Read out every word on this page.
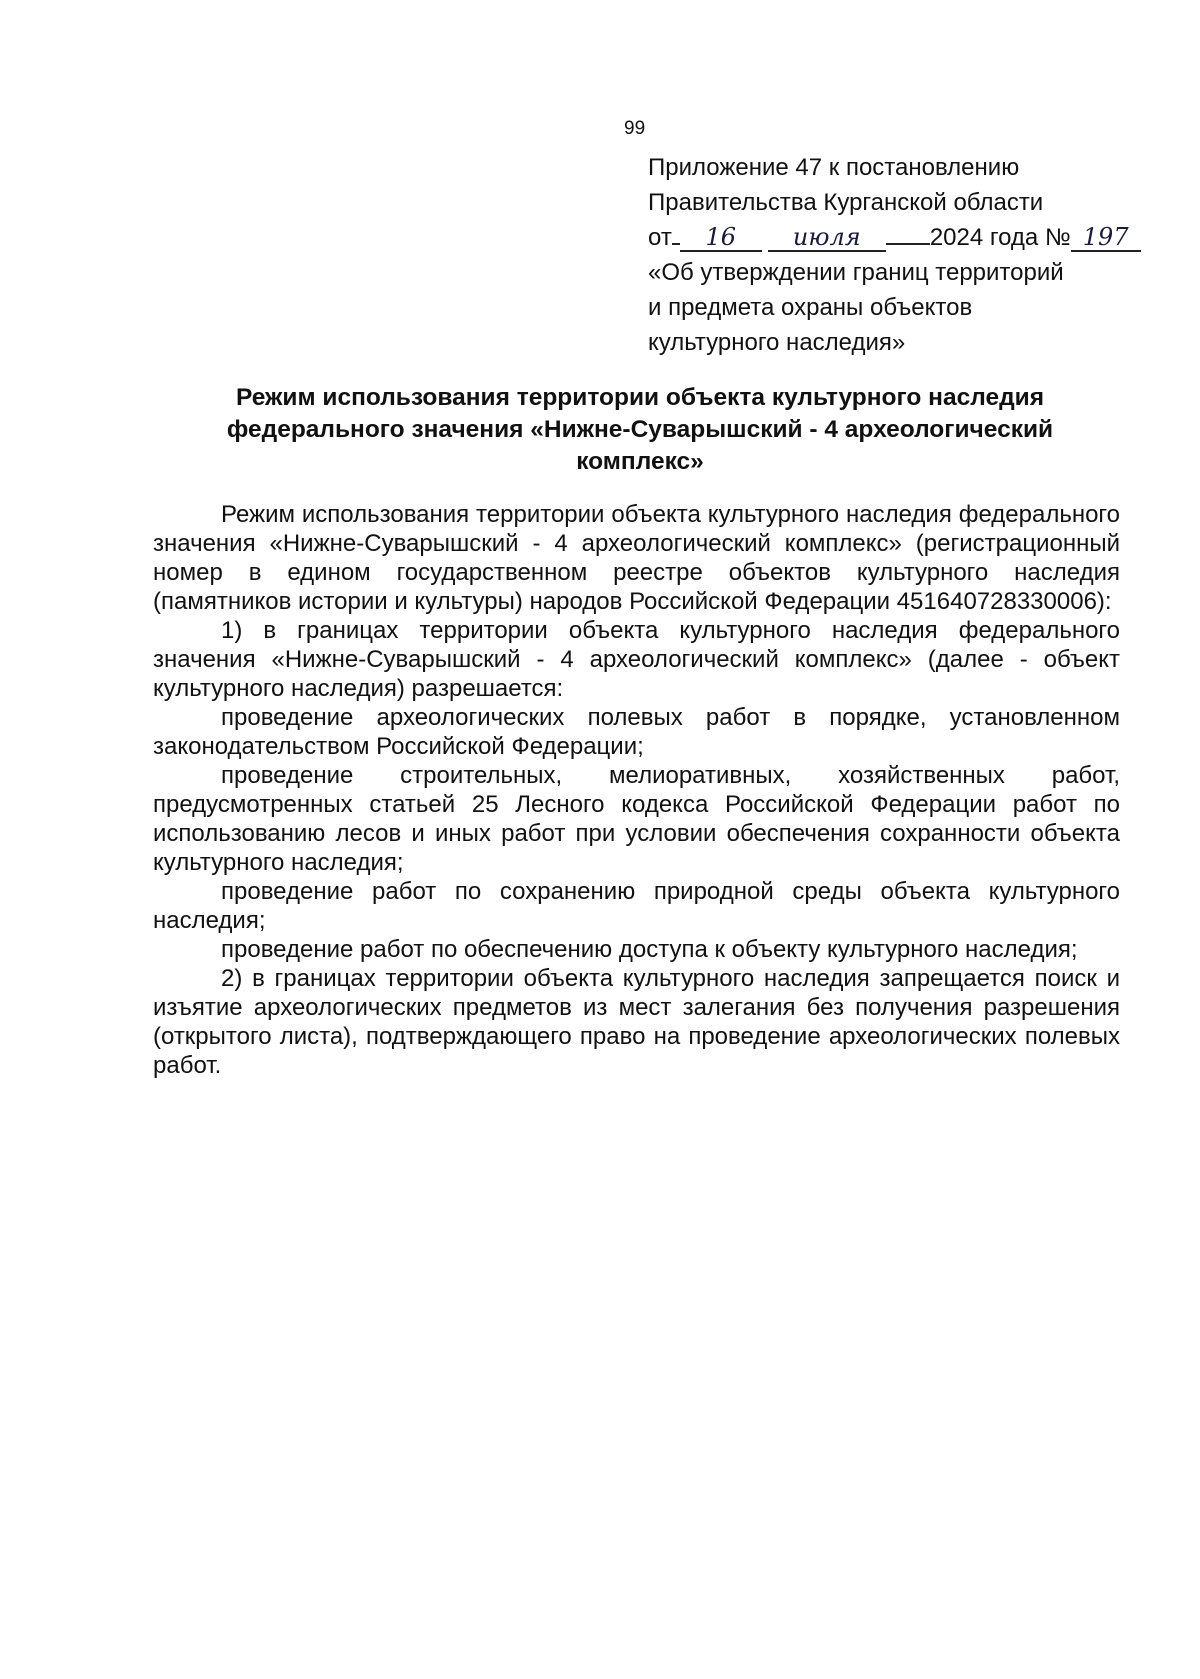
99
Приложение 47 к постановлению
Правительства Курганской области
от 16 июля	2024 года № 197
«Об утверждении границ территорий
и предмета охраны объектов
культурного наследия»
Режим использования территории объекта культурного наследия
федерального значения «Нижне-Суварышский - 4 археологический
комплекс»

Режим использования территории объекта культурного наследия федерального значения «Нижне-Суварышский - 4 археологический комплекс» (регистрационный номер в едином государственном реестре объектов культурного наследия (памятников истории и культуры) народов Российской Федерации 451640728330006):

1) в границах территории объекта культурного наследия федерального значения «Нижне-Суварышский - 4 археологический комплекс» (далее - объект культурного наследия) разрешается:

проведение археологических полевых работ в порядке, установленном законодательством Российской Федерации;

проведение строительных, мелиоративных, хозяйственных работ, предусмотренных статьей 25 Лесного кодекса Российской Федерации работ по использованию лесов и иных работ при условии обеспечения сохранности объекта культурного наследия;

проведение работ по сохранению природной среды объекта культурного наследия;

проведение работ по обеспечению доступа к объекту культурного наследия;

2) в границах территории объекта культурного наследия запрещается поиск и изъятие археологических предметов из мест залегания без получения разрешения (открытого листа), подтверждающего право на проведение археологических полевых работ.
